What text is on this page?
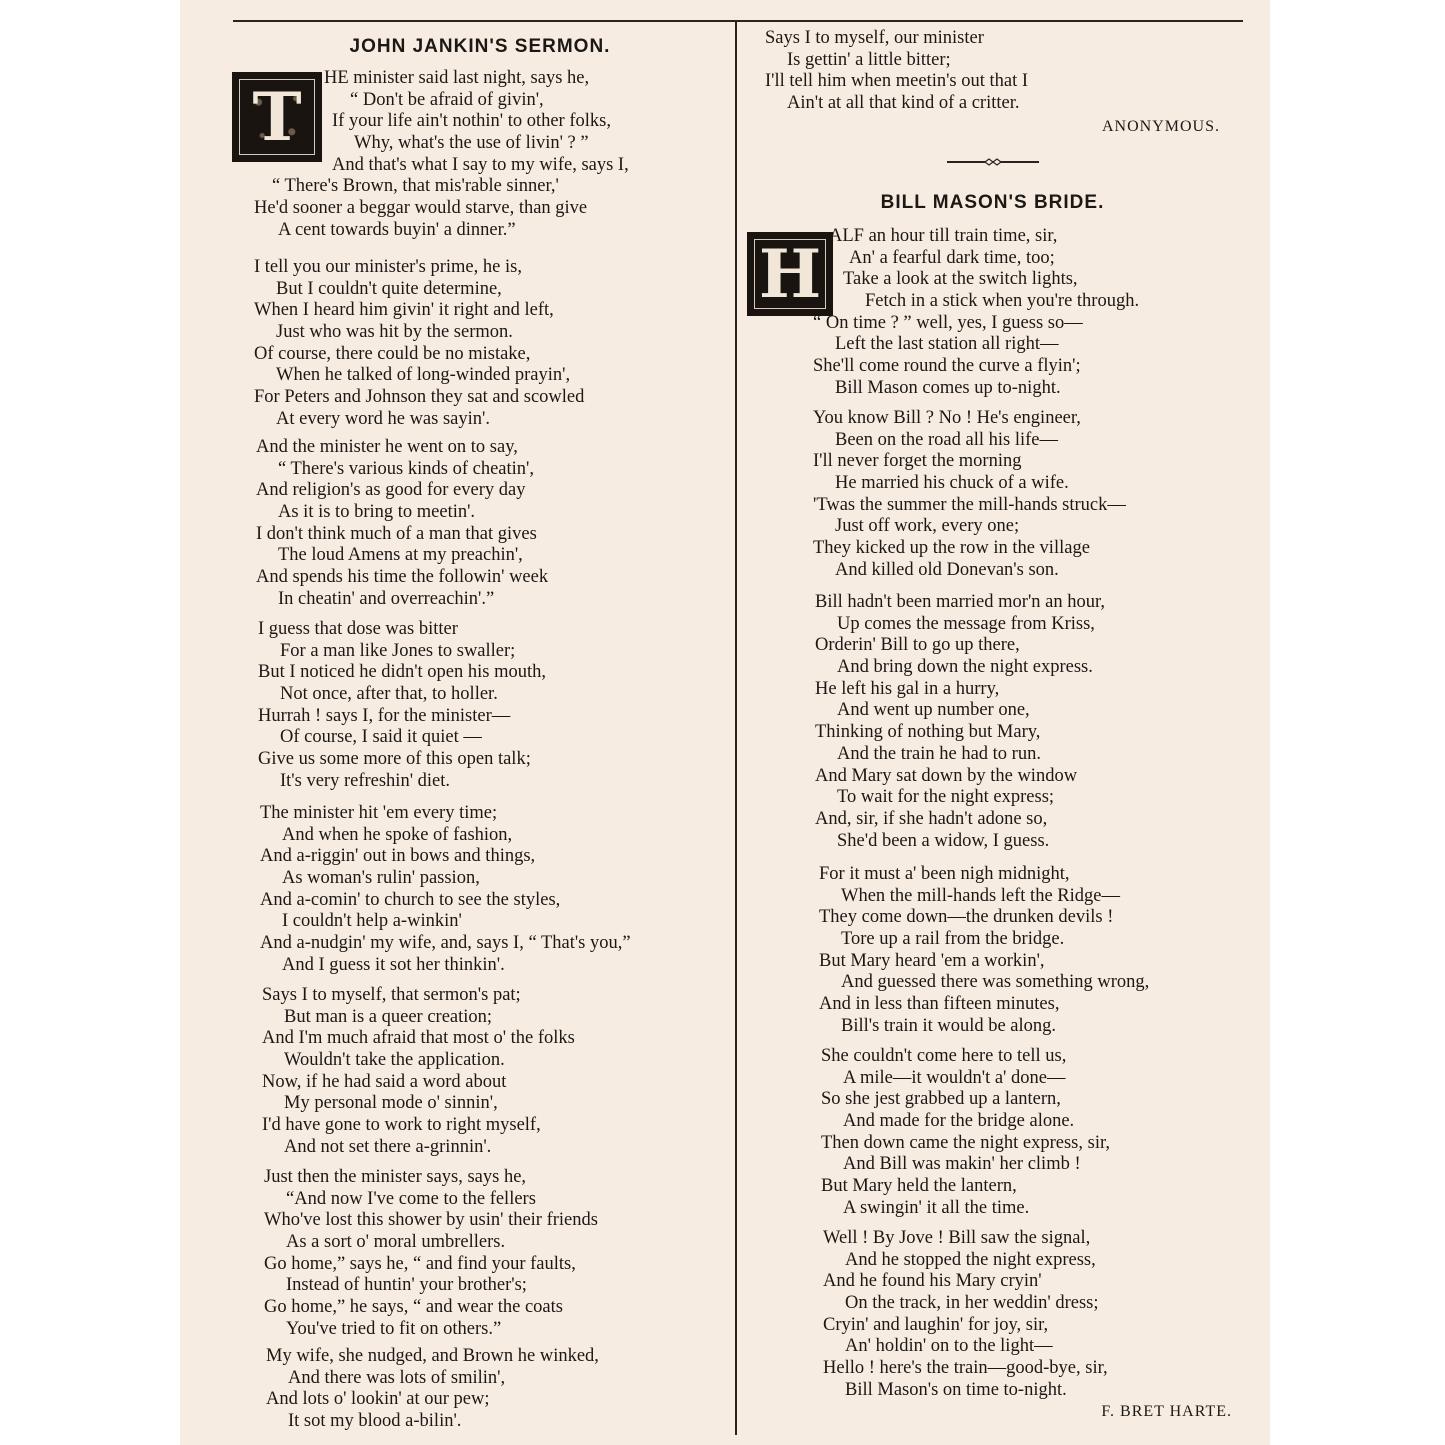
JOHN JANKIN'S SERMON.
T	HE minister said last night, says he,
“ Don't be afraid of givin',
If your life ain't nothin' to other folks,
Why, what's the use of livin' ? ”
And that's what I say to my wife, says I,
“ There's Brown, that mis'rable sinner,'
He'd sooner a beggar would starve, than give
A cent towards buyin' a dinner.”
I tell you our minister's prime, he is,
But I couldn't quite determine,
When I heard him givin' it right and left,
Just who was hit by the sermon.
Of course, there could be no mistake,
When he talked of long-winded prayin',
For Peters and Johnson they sat and scowled
At every word he was sayin'.
And the minister he went on to say,
“ There's various kinds of cheatin',
And religion's as good for every day
As it is to bring to meetin'.
I don't think much of a man that gives
The loud Amens at my preachin',
And spends his time the followin' week
In cheatin' and overreachin'.”
I guess that dose was bitter
For a man like Jones to swaller;
But I noticed he didn't open his mouth,
Not once, after that, to holler.
Hurrah ! says I, for the minister—
Of course, I said it quiet —
Give us some more of this open talk;
It's very refreshin' diet.
The minister hit 'em every time;
And when he spoke of fashion,
And a-riggin' out in bows and things,
As woman's rulin' passion,
And a-comin' to church to see the styles,
I couldn't help a-winkin'
And a-nudgin' my wife, and, says I, “ That's you,”
And I guess it sot her thinkin'.
Says I to myself, that sermon's pat;
But man is a queer creation;
And I'm much afraid that most o' the folks
Wouldn't take the application.
Now, if he had said a word about
My personal mode o' sinnin',
I'd have gone to work to right myself,
And not set there a-grinnin'.
Just then the minister says, says he,
“And now I've come to the fellers
Who've lost this shower by usin' their friends
As a sort o' moral umbrellers.
Go home,” says he, “ and find your faults,
Instead of huntin' your brother's;
Go home,” he says, “ and wear the coats
You've tried to fit on others.”
My wife, she nudged, and Brown he winked,
And there was lots of smilin',
And lots o' lookin' at our pew;
It sot my blood a-bilin'.
Says I to myself, our minister
Is gettin' a little bitter;
I'll tell him when meetin's out that I
Ain't at all that kind of a critter.
ANONYMOUS.
BILL MASON'S BRIDE.
H ALF an hour till train time, sir,
An' a fearful dark time, too;
Take a look at the switch lights,
Fetch in a stick when you're through.
“ On time ? ” well, yes, I guess so—
Left the last station all right—
She'll come round the curve a flyin';
Bill Mason comes up to-night.
You know Bill ? No ! He's engineer,
Been on the road all his life—
I'll never forget the morning
He married his chuck of a wife.
'Twas the summer the mill-hands struck—
Just off work, every one;
They kicked up the row in the village
And killed old Donevan's son.
Bill hadn't been married mor'n an hour,
Up comes the message from Kriss,
Orderin' Bill to go up there,
And bring down the night express.
He left his gal in a hurry,
And went up number one,
Thinking of nothing but Mary,
And the train he had to run.
And Mary sat down by the window
To wait for the night express;
And, sir, if she hadn't adone so,
She'd been a widow, I guess.
For it must a' been nigh midnight,
When the mill-hands left the Ridge—
They come down—the drunken devils !
Tore up a rail from the bridge.
But Mary heard 'em a workin',
And guessed there was something wrong,
And in less than fifteen minutes,
Bill's train it would be along.
She couldn't come here to tell us,
A mile—it wouldn't a' done—
So she jest grabbed up a lantern,
And made for the bridge alone.
Then down came the night express, sir,
And Bill was makin' her climb !
But Mary held the lantern,
A swingin' it all the time.
Well ! By Jove ! Bill saw the signal,
And he stopped the night express,
And he found his Mary cryin'
On the track, in her weddin' dress;
Cryin' and laughin' for joy, sir,
An' holdin' on to the light—
Hello ! here's the train—good-bye, sir,
Bill Mason's on time to-night.
F. BRET HARTE.
